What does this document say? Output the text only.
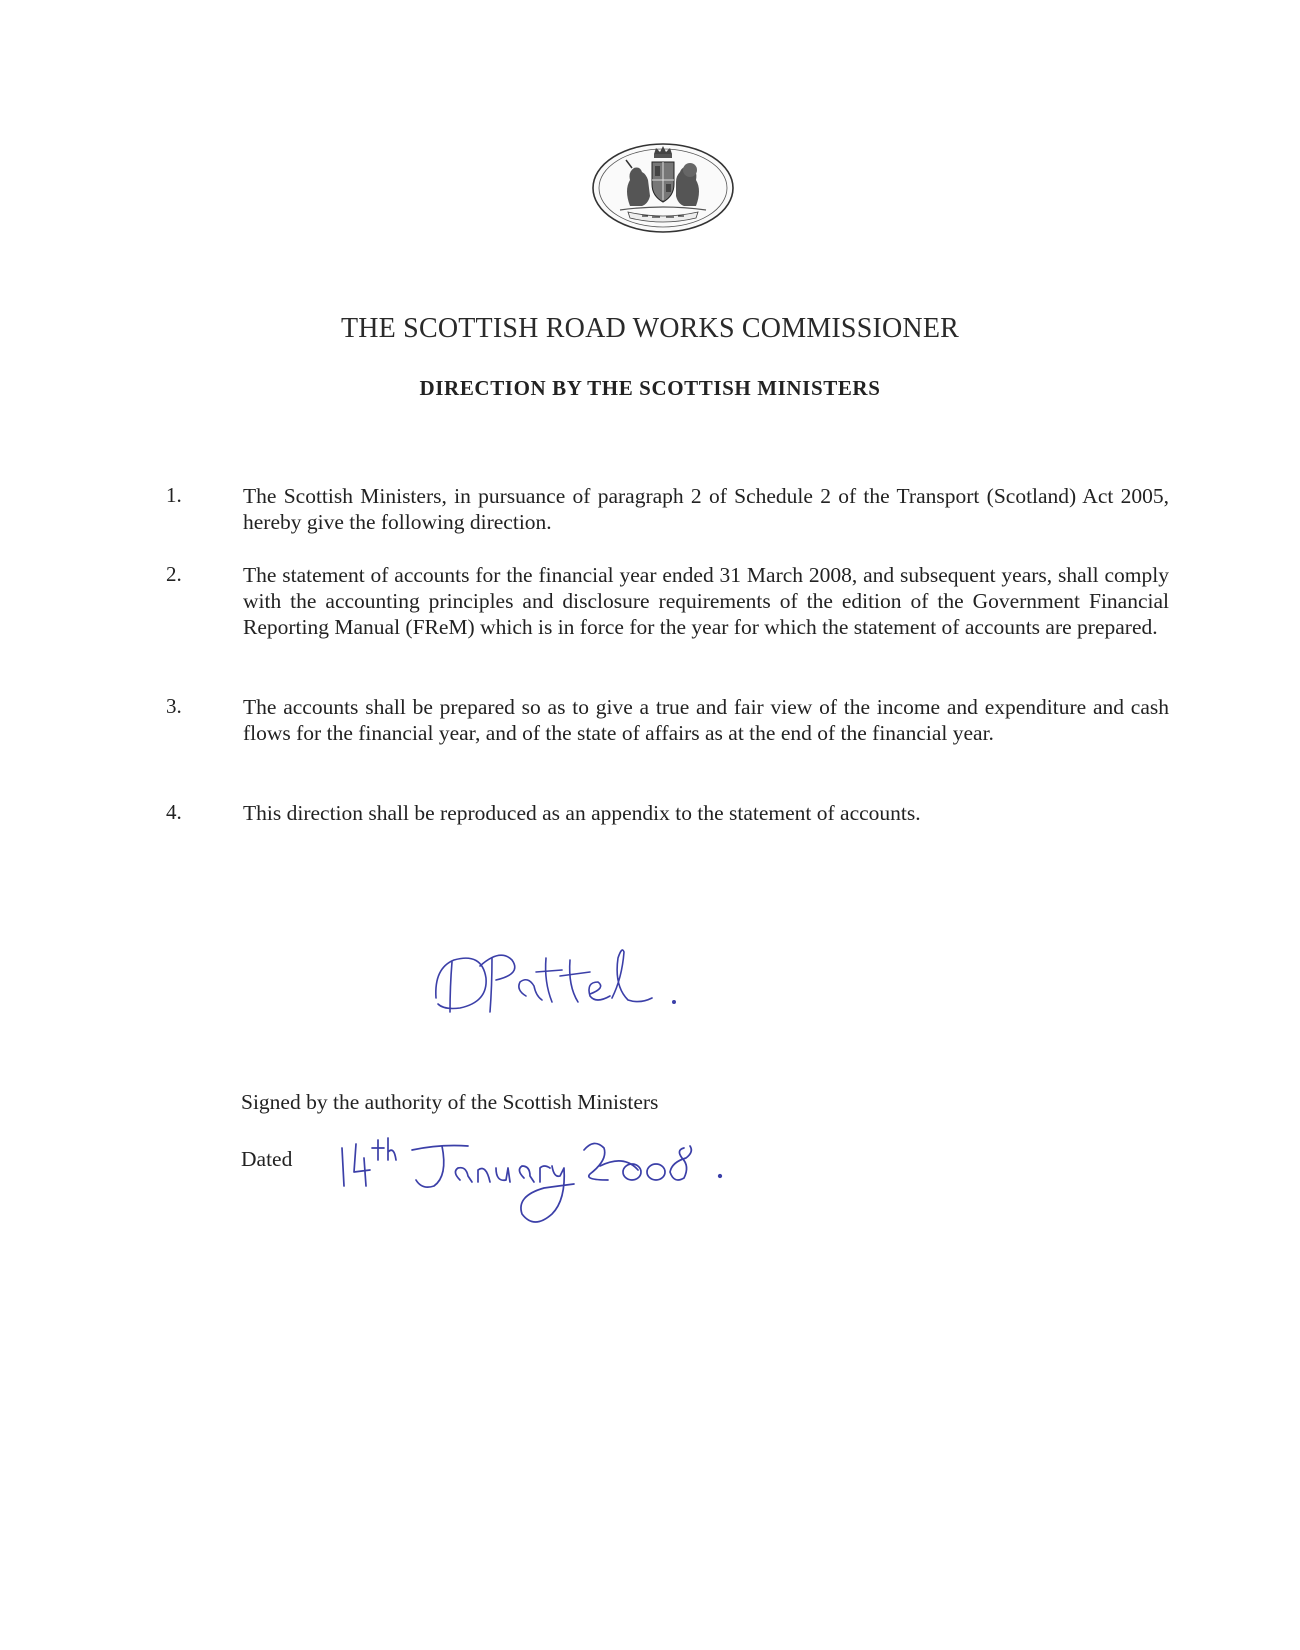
THE SCOTTISH ROAD WORKS COMMISSIONER
DIRECTION BY THE SCOTTISH MINISTERS
1.	The Scottish Ministers, in pursuance of paragraph 2 of Schedule 2 of the Transport (Scotland) Act 2005, hereby give the following direction.
2.	The statement of accounts for the financial year ended 31 March 2008, and subsequent years, shall comply with the accounting principles and disclosure requirements of the edition of the Government Financial Reporting Manual (FReM) which is in force for the year for which the statement of accounts are prepared.
3.	The accounts shall be prepared so as to give a true and fair view of the income and expenditure and cash flows for the financial year, and of the state of affairs as at the end of the financial year.
4.	This direction shall be reproduced as an appendix to the statement of accounts.
Signed by the authority of the Scottish Ministers
Dated
